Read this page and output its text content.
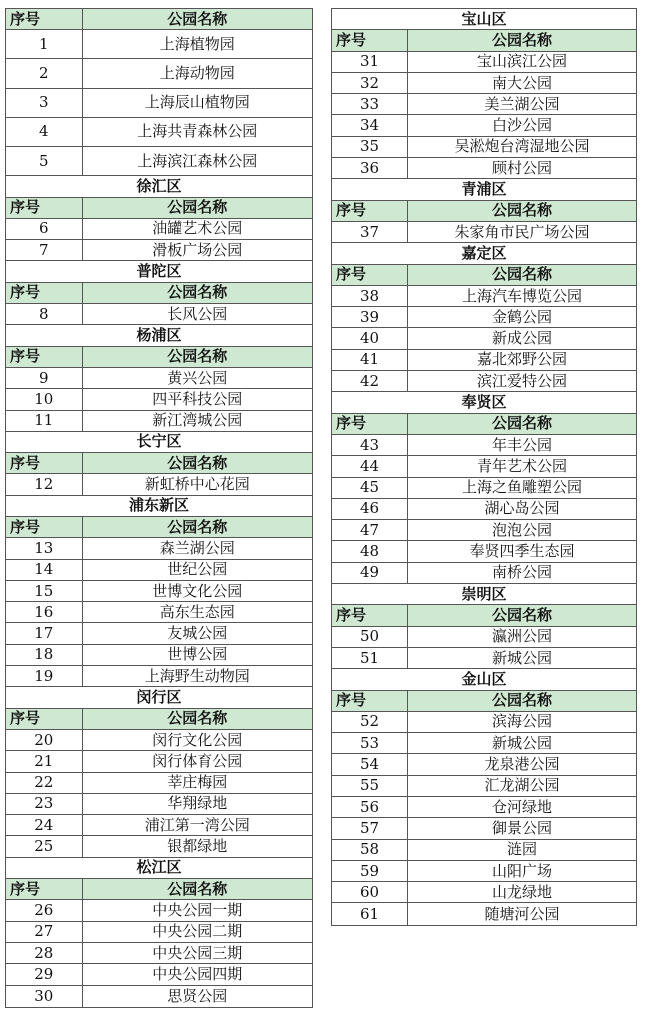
序号	公园名称
1	上海植物园
2	上海动物园
3	上海辰山植物园
4	上海共青森林公园
5	上海滨江森林公园
徐汇区
序号	公园名称
6	油罐艺术公园
7	滑板广场公园
普陀区
序号	公园名称
8	长风公园
杨浦区
序号	公园名称
9	黄兴公园
10	四平科技公园
11	新江湾城公园
长宁区
序号	公园名称
12	新虹桥中心花园
浦东新区
序号	公园名称
13	森兰湖公园
14	世纪公园
15	世博文化公园
16	高东生态园
17	友城公园
18	世博公园
19	上海野生动物园
闵行区
序号	公园名称
20	闵行文化公园
21	闵行体育公园
22	莘庄梅园
23	华翔绿地
24	浦江第一湾公园
25	银都绿地
松江区
序号	公园名称
26	中央公园一期
27	中央公园二期
28	中央公园三期
29	中央公园四期
30	思贤公园
宝山区
序号	公园名称
31	宝山滨江公园
32	南大公园
33	美兰湖公园
34	白沙公园
35	吴淞炮台湾湿地公园
36	顾村公园
青浦区
序号	公园名称
37	朱家角市民广场公园
嘉定区
序号	公园名称
38	上海汽车博览公园
39	金鹤公园
40	新成公园
41	嘉北郊野公园
42	滨江爱特公园
奉贤区
序号	公园名称
43	年丰公园
44	青年艺术公园
45	上海之鱼雕塑公园
46	湖心岛公园
47	泡泡公园
48	奉贤四季生态园
49	南桥公园
崇明区
序号	公园名称
50	瀛洲公园
51	新城公园
金山区
序号	公园名称
52	滨海公园
53	新城公园
54	龙泉港公园
55	汇龙湖公园
56	仓河绿地
57	御景公园
58	涟园
59	山阳广场
60	山龙绿地
61	随塘河公园
